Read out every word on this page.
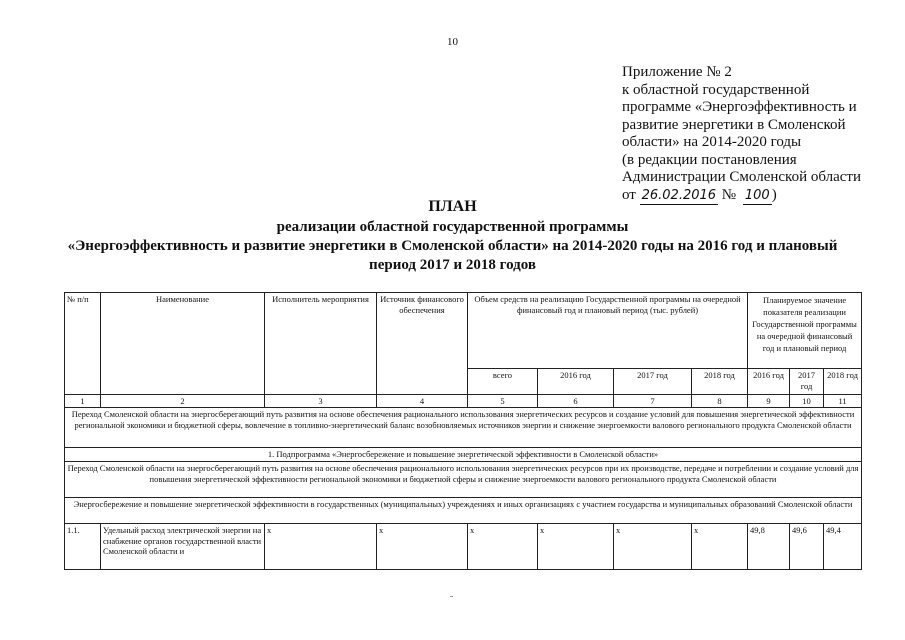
10
Приложение № 2
к областной государственной
программе «Энергоэффективность и
развитие энергетики в Смоленской
области» на 2014-2020 годы
(в редакции постановления
Администрации Смоленской области
от 26.02.2016 № 100 )
ПЛАН
реализации областной государственной программы
«Энергоэффективность и развитие энергетики в Смоленской области» на 2014-2020 годы на 2016 год и плановый
период 2017 и 2018 годов
№ п/п	Наименование	Исполнитель мероприятия	Источник финансового обеспечения	Объем средств на реализацию Государственной программы на очередной финансовый год и плановый период (тыс. рублей)				Планируемое значение показателя реализации Государственной программы на очередной финансовый год и плановый период		
				всего	2016 год	2017 год	2018 год	2016 год	2017 год	2018 год
1	2	3	4	5	6	7	8	9	10	11
Переход Смоленской области на энергосберегающий путь развития на основе обеспечения рационального использования энергетических ресурсов и создание условий для повышения энергетической эффективности региональной экономики и бюджетной сферы, вовлечение в топливно-энергетический баланс возобновляемых источников энергии и снижение энергоемкости валового регионального продукта Смоленской области										
1. Подпрограмма «Энергосбережение и повышение энергетической эффективности в Смоленской области»										
Переход Смоленской области на энергосберегающий путь развития на основе обеспечения рационального использования энергетических ресурсов при их производстве, передаче и потреблении и создание условий для повышения энергетической эффективности региональной экономики и бюджетной сферы и снижение энергоемкости валового регионального продукта Смоленской области										
Энергосбережение и повышение энергетической эффективности в государственных (муниципальных) учреждениях и иных организациях с участием государства и муниципальных образований Смоленской области										
1.1.	Удельный расход электрической энергии на снабжение органов государственной власти Смоленской области и	х	х	х	х	х	х	49,8	49,6	49,4
